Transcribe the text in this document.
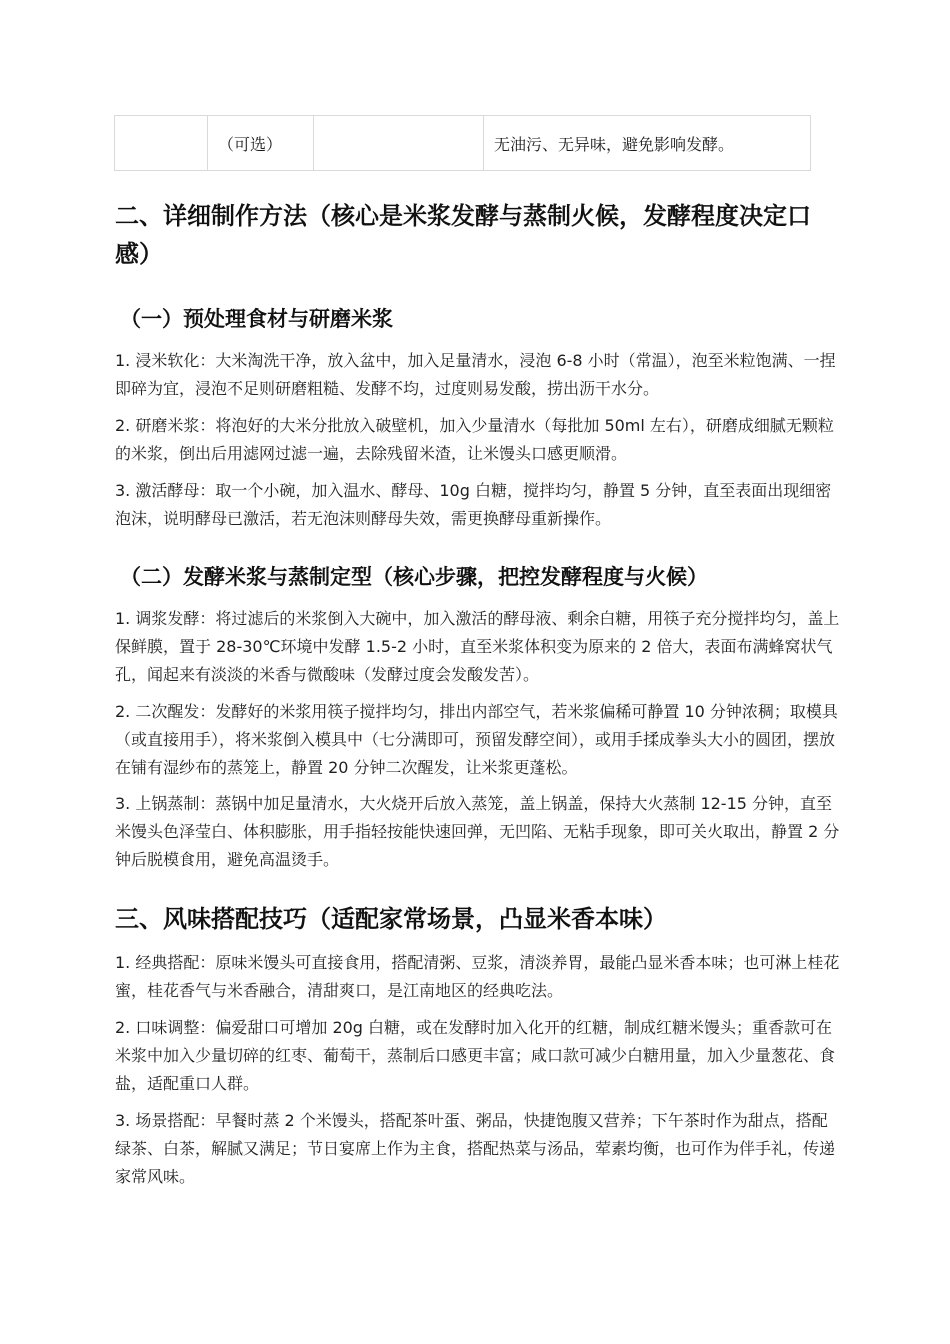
	（可选）		无油污、无异味，避免影响发酵。
二、详细制作方法（核心是米浆发酵与蒸制火候，发酵程度决定口感）
（一）预处理食材与研磨米浆

1. 浸米软化：大米淘洗干净，放入盆中，加入足量清水，浸泡 6-8 小时（常温），泡至米粒饱满、一捏即碎为宜，浸泡不足则研磨粗糙、发酵不均，过度则易发酸，捞出沥干水分。

2. 研磨米浆：将泡好的大米分批放入破壁机，加入少量清水（每批加 50ml 左右），研磨成细腻无颗粒的米浆，倒出后用滤网过滤一遍，去除残留米渣，让米馒头口感更顺滑。

3. 激活酵母：取一个小碗，加入温水、酵母、10g 白糖，搅拌均匀，静置 5 分钟，直至表面出现细密泡沫，说明酵母已激活，若无泡沫则酵母失效，需更换酵母重新操作。

（二）发酵米浆与蒸制定型（核心步骤，把控发酵程度与火候）

1. 调浆发酵：将过滤后的米浆倒入大碗中，加入激活的酵母液、剩余白糖，用筷子充分搅拌均匀，盖上保鲜膜，置于 28-30℃环境中发酵 1.5-2 小时，直至米浆体积变为原来的 2 倍大，表面布满蜂窝状气孔，闻起来有淡淡的米香与微酸味（发酵过度会发酸发苦）。

2. 二次醒发：发酵好的米浆用筷子搅拌均匀，排出内部空气，若米浆偏稀可静置 10 分钟浓稠；取模具（或直接用手），将米浆倒入模具中（七分满即可，预留发酵空间），或用手揉成拳头大小的圆团，摆放在铺有湿纱布的蒸笼上，静置 20 分钟二次醒发，让米浆更蓬松。

3. 上锅蒸制：蒸锅中加足量清水，大火烧开后放入蒸笼，盖上锅盖，保持大火蒸制 12-15 分钟，直至米馒头色泽莹白、体积膨胀，用手指轻按能快速回弹，无凹陷、无粘手现象，即可关火取出，静置 2 分钟后脱模食用，避免高温烫手。

三、风味搭配技巧（适配家常场景，凸显米香本味）

1. 经典搭配：原味米馒头可直接食用，搭配清粥、豆浆，清淡养胃，最能凸显米香本味；也可淋上桂花蜜，桂花香气与米香融合，清甜爽口，是江南地区的经典吃法。

2. 口味调整：偏爱甜口可增加 20g 白糖，或在发酵时加入化开的红糖，制成红糖米馒头；重香款可在米浆中加入少量切碎的红枣、葡萄干，蒸制后口感更丰富；咸口款可减少白糖用量，加入少量葱花、食盐，适配重口人群。

3. 场景搭配：早餐时蒸 2 个米馒头，搭配茶叶蛋、粥品，快捷饱腹又营养；下午茶时作为甜点，搭配绿茶、白茶，解腻又满足；节日宴席上作为主食，搭配热菜与汤品，荤素均衡，也可作为伴手礼，传递家常风味。
